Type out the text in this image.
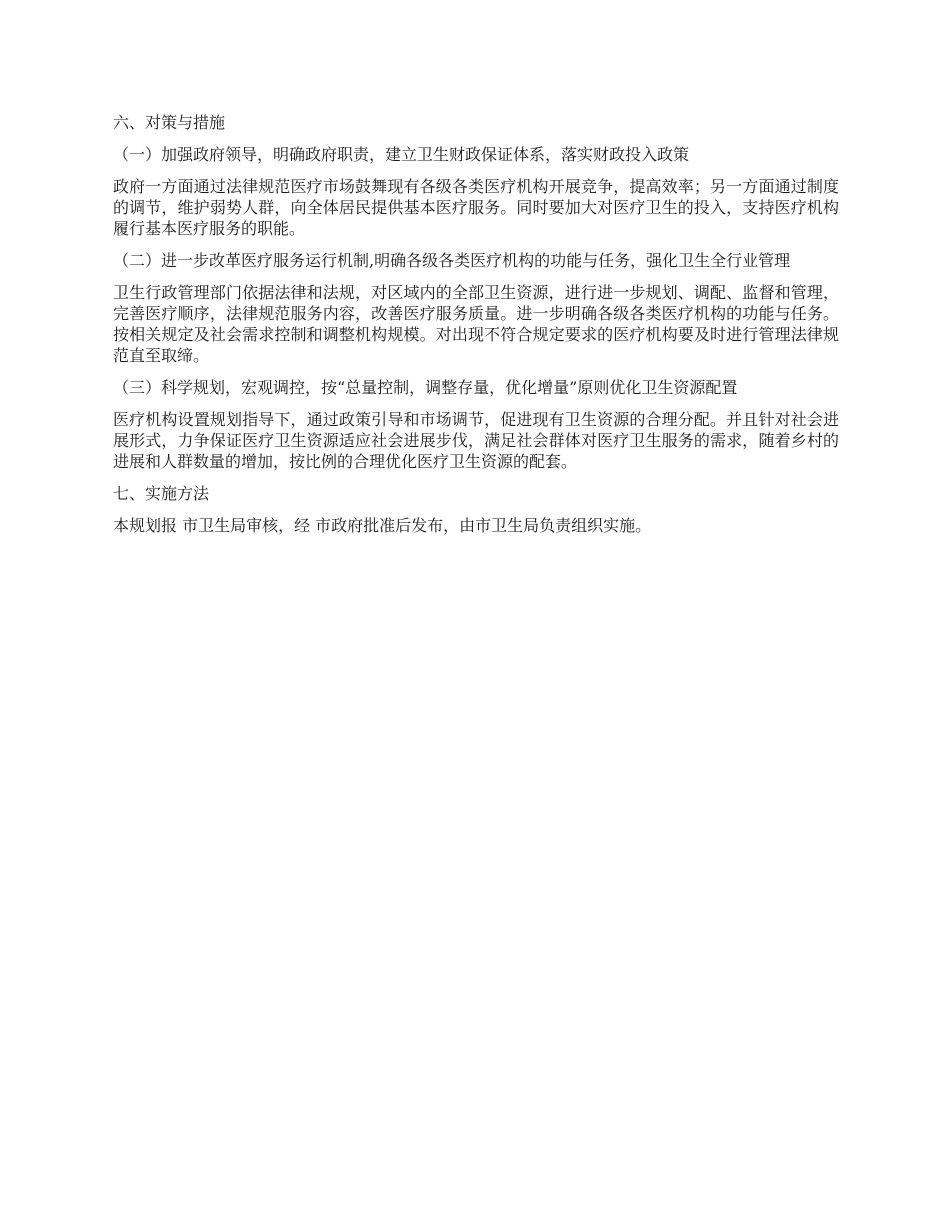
六、对策与措施

（一）加强政府领导，明确政府职责，建立卫生财政保证体系，落实财政投入政策

政府一方面通过法律规范医疗市场鼓舞现有各级各类医疗机构开展竞争，提高效率；另一方面通过制度的调节，维护弱势人群，向全体居民提供基本医疗服务。同时要加大对医疗卫生的投入，支持医疗机构履行基本医疗服务的职能。

（二）进一步改革医疗服务运行机制,明确各级各类医疗机构的功能与任务，强化卫生全行业管理

卫生行政管理部门依据法律和法规，对区域内的全部卫生资源，进行进一步规划、调配、监督和管理，完善医疗顺序，法律规范服务内容，改善医疗服务质量。进一步明确各级各类医疗机构的功能与任务。按相关规定及社会需求控制和调整机构规模。对出现不符合规定要求的医疗机构要及时进行管理法律规范直至取缔。

（三）科学规划，宏观调控，按“总量控制，调整存量，优化增量”原则优化卫生资源配置

医疗机构设置规划指导下，通过政策引导和市场调节，促进现有卫生资源的合理分配。并且针对社会进展形式，力争保证医疗卫生资源适应社会进展步伐，满足社会群体对医疗卫生服务的需求，随着乡村的进展和人群数量的增加，按比例的合理优化医疗卫生资源的配套。

七、实施方法

本规划报 市卫生局审核，经 市政府批准后发布，由市卫生局负责组织实施。
